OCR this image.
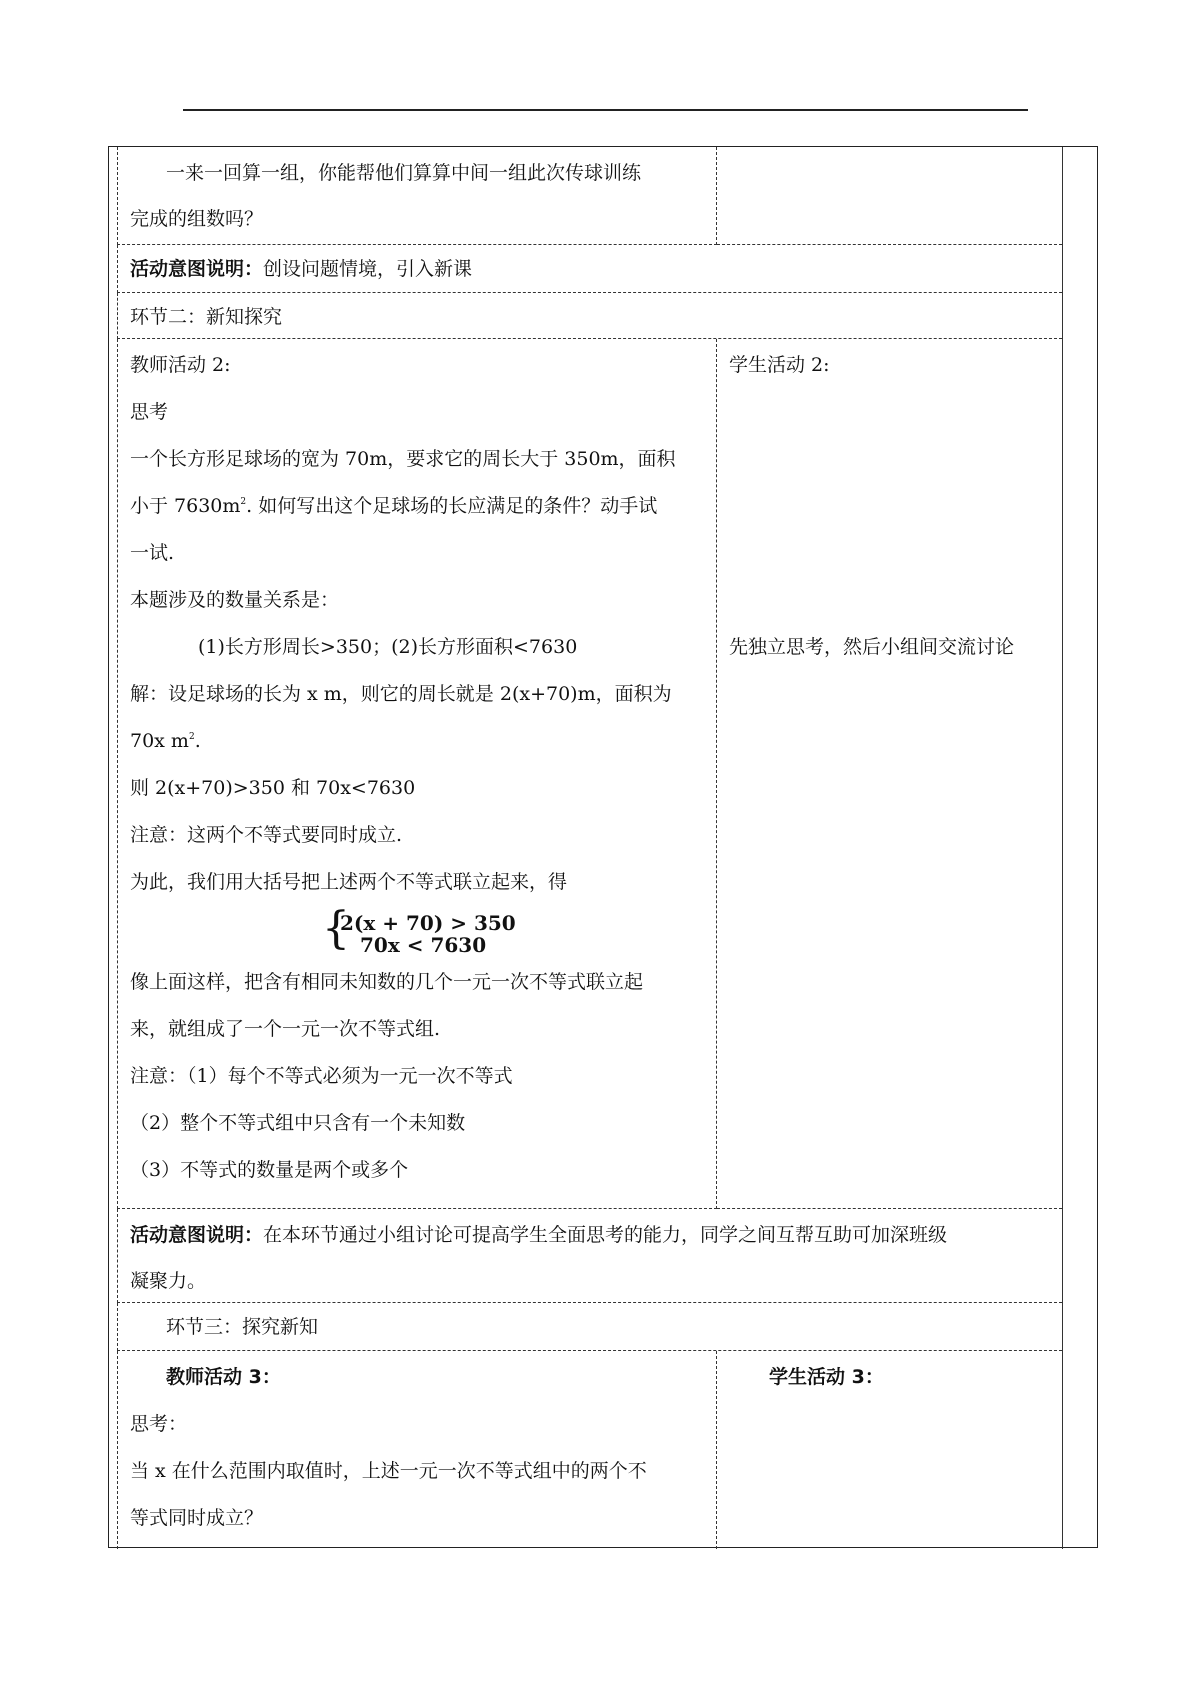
一来一回算一组，你能帮他们算算中间一组此次传球训练
完成的组数吗？
活动意图说明：创设问题情境，引入新课
环节二：新知探究
教师活动 2:
思考
一个长方形足球场的宽为 70m，要求它的周长大于 350m，面积
小于 $7630m^2$. 如何写出这个足球场的长应满足的条件？动手试
一试.
本题涉及的数量关系是：
(1)长方形周长>350；(2)长方形面积<7630
解：设足球场的长为 x m，则它的周长就是 2(x+70)m，面积为
70x $m^2$.
则 2(x+70)>350 和 70x<7630
注意：这两个不等式要同时成立.
为此，我们用大括号把上述两个不等式联立起来，得
{
2(x + 70) > 350
70x < 7630
像上面这样，把含有相同未知数的几个一元一次不等式联立起
来，就组成了一个一元一次不等式组.
注意：（1）每个不等式必须为一元一次不等式
（2）整个不等式组中只含有一个未知数
（3）不等式的数量是两个或多个
学生活动 2:
先独立思考，然后小组间交流讨论
活动意图说明：在本环节通过小组讨论可提高学生全面思考的能力，同学之间互帮互助可加深班级
凝聚力。
环节三：探究新知
教师活动 3：
思考：
当 x 在什么范围内取值时，上述一元一次不等式组中的两个不
等式同时成立？
学生活动 3：
